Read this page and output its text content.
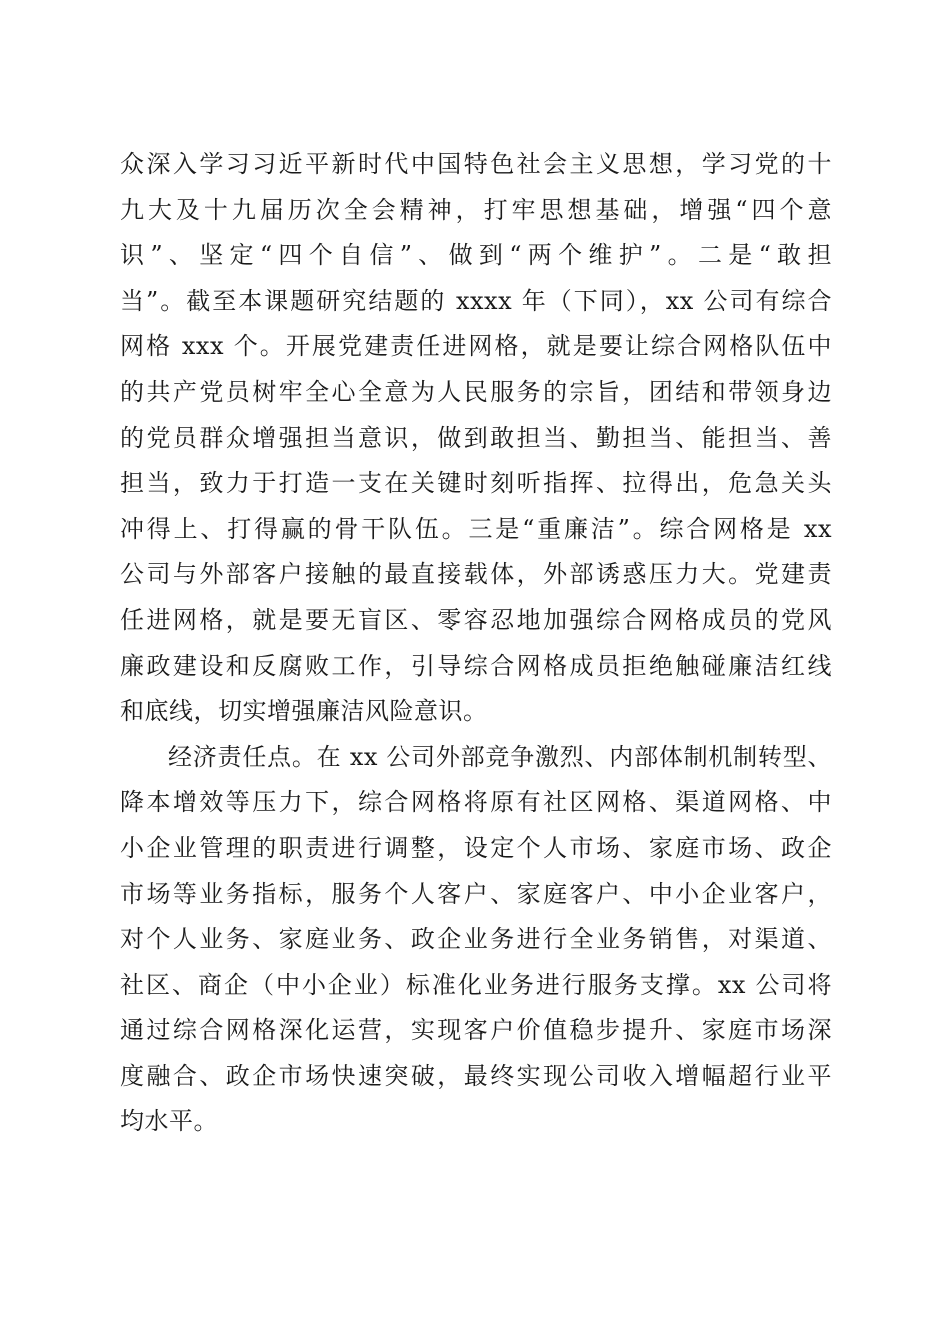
众深入学习习近平新时代中国特色社会主义思想，学习党的十
九大及十九届历次全会精神，打牢思想基础，增强“四个意
识”、坚定“四个自信”、做到“两个维护”。二是“敢担
当”。截至本课题研究结题的 xxxx 年（下同），xx 公司有综合
网格 xxx 个。开展党建责任进网格，就是要让综合网格队伍中
的共产党员树牢全心全意为人民服务的宗旨，团结和带领身边
的党员群众增强担当意识，做到敢担当、勤担当、能担当、善
担当，致力于打造一支在关键时刻听指挥、拉得出，危急关头
冲得上、打得赢的骨干队伍。三是“重廉洁”。综合网格是 xx
公司与外部客户接触的最直接载体，外部诱惑压力大。党建责
任进网格，就是要无盲区、零容忍地加强综合网格成员的党风
廉政建设和反腐败工作，引导综合网格成员拒绝触碰廉洁红线
和底线，切实增强廉洁风险意识。
经济责任点。在 xx 公司外部竞争激烈、内部体制机制转型、
降本增效等压力下，综合网格将原有社区网格、渠道网格、中
小企业管理的职责进行调整，设定个人市场、家庭市场、政企
市场等业务指标，服务个人客户、家庭客户、中小企业客户，
对个人业务、家庭业务、政企业务进行全业务销售，对渠道、
社区、商企（中小企业）标准化业务进行服务支撑。xx 公司将
通过综合网格深化运营，实现客户价值稳步提升、家庭市场深
度融合、政企市场快速突破，最终实现公司收入增幅超行业平
均水平。
